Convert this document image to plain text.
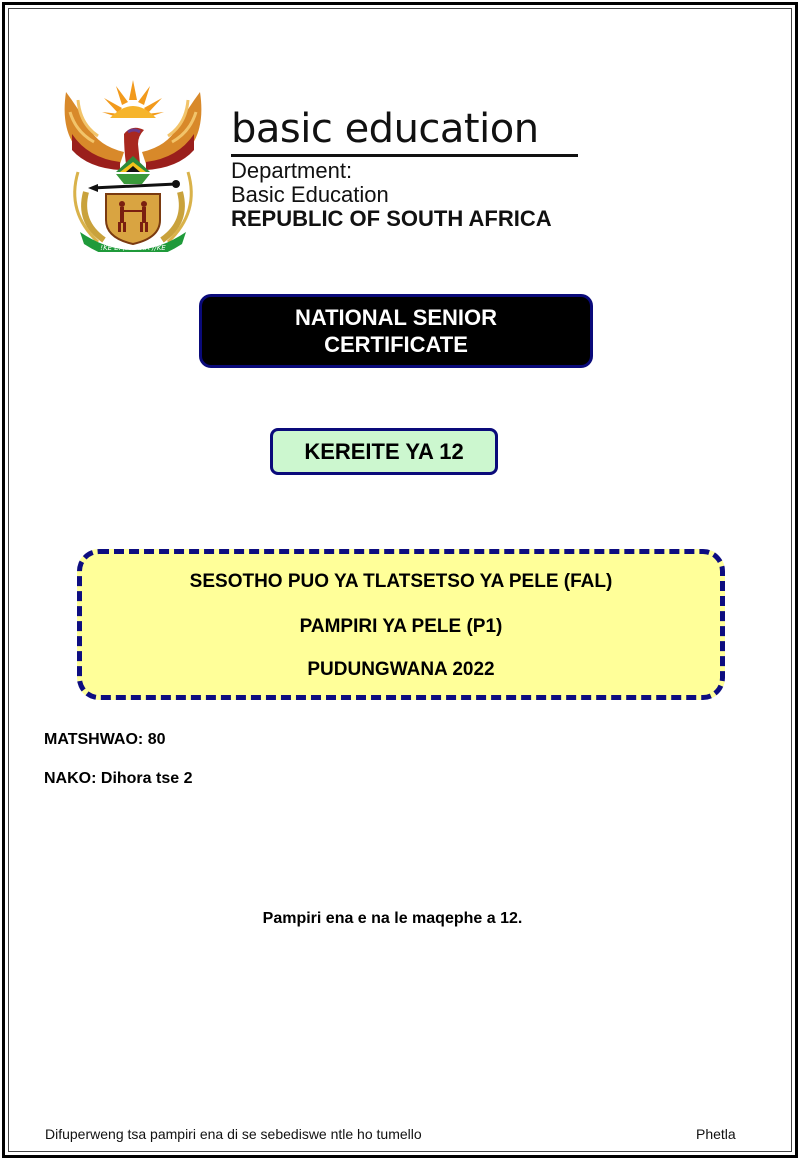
!KE E: /XARRA //KE
basic education
Department:
Basic Education
REPUBLIC OF SOUTH AFRICA
NATIONAL SENIOR
CERTIFICATE
KEREITE YA 12
SESOTHO PUO YA TLATSETSO YA PELE (FAL)
PAMPIRI YA PELE (P1)
PUDUNGWANA 2022
MATSHWAO: 80
NAKO: Dihora tse 2
Pampiri ena e na le maqephe a 12.
Difuperweng tsa pampiri ena di se sebediswe ntle ho tumello	Phetla
